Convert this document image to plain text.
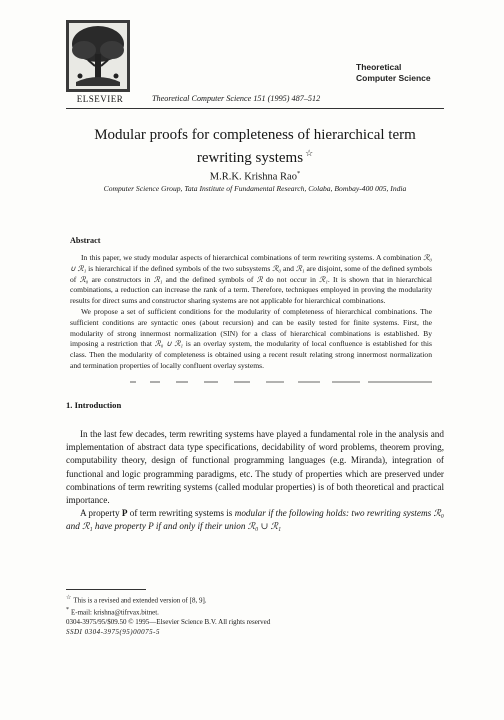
ELSEVIER	Theoretical Computer Science 151 (1995) 487–512
Theoretical
Computer Science
Modular proofs for completeness of hierarchical term
rewriting systems ☆
M.R.K. Krishna Rao*
Computer Science Group, Tata Institute of Fundamental Research, Colaba, Bombay-400 005, India
Abstract

In this paper, we study modular aspects of hierarchical combinations of term rewriting systems. A combination ℛ₀ ∪ ℛ₁ is hierarchical if the defined symbols of the two subsystems ℛ₀ and ℛ₁ are disjoint, some of the defined symbols of ℛ₀ are constructors in ℛ₁ and the defined symbols of ℛ do not occur in ℛ₁. It is shown that in hierarchical combinations, a reduction can increase the rank of a term. Therefore, techniques employed in proving the modularity results for direct sums and constructor sharing systems are not applicable for hierarchical combinations.

We propose a set of sufficient conditions for the modularity of completeness of hierarchical combinations. The sufficient conditions are syntactic ones (about recursion) and can be easily tested for finite systems. First, the modularity of strong innermost normalization (SIN) for a class of hierarchical combinations is established. By imposing a restriction that ℛ₀ ∪ ℛ₁ is an overlay system, the modularity of local confluence is established for this class. Then the modularity of completeness is obtained using a recent result relating strong innermost normalization and termination properties of locally confluent overlay systems.

1. Introduction

In the last few decades, term rewriting systems have played a fundamental role in the analysis and implementation of abstract data type specifications, decidability of word problems, theorem proving, computability theory, design of functional programming languages (e.g. Miranda), integration of functional and logic programming paradigms, etc. The study of properties which are preserved under combinations of term rewriting systems (called modular properties) is of both theoretical and practical importance.

A property P of term rewriting systems is modular if the following holds: two rewriting systems ℛ₀ and ℛ₁ have property P if and only if their union ℛ₀ ∪ ℛ₁

☆ This is a revised and extended version of [8, 9].
* E-mail: krishna@tifrvax.bitnet.
0304-3975/95/$09.50 © 1995—Elsevier Science B.V. All rights reserved
SSDI 0304-3975(95)00075-5
